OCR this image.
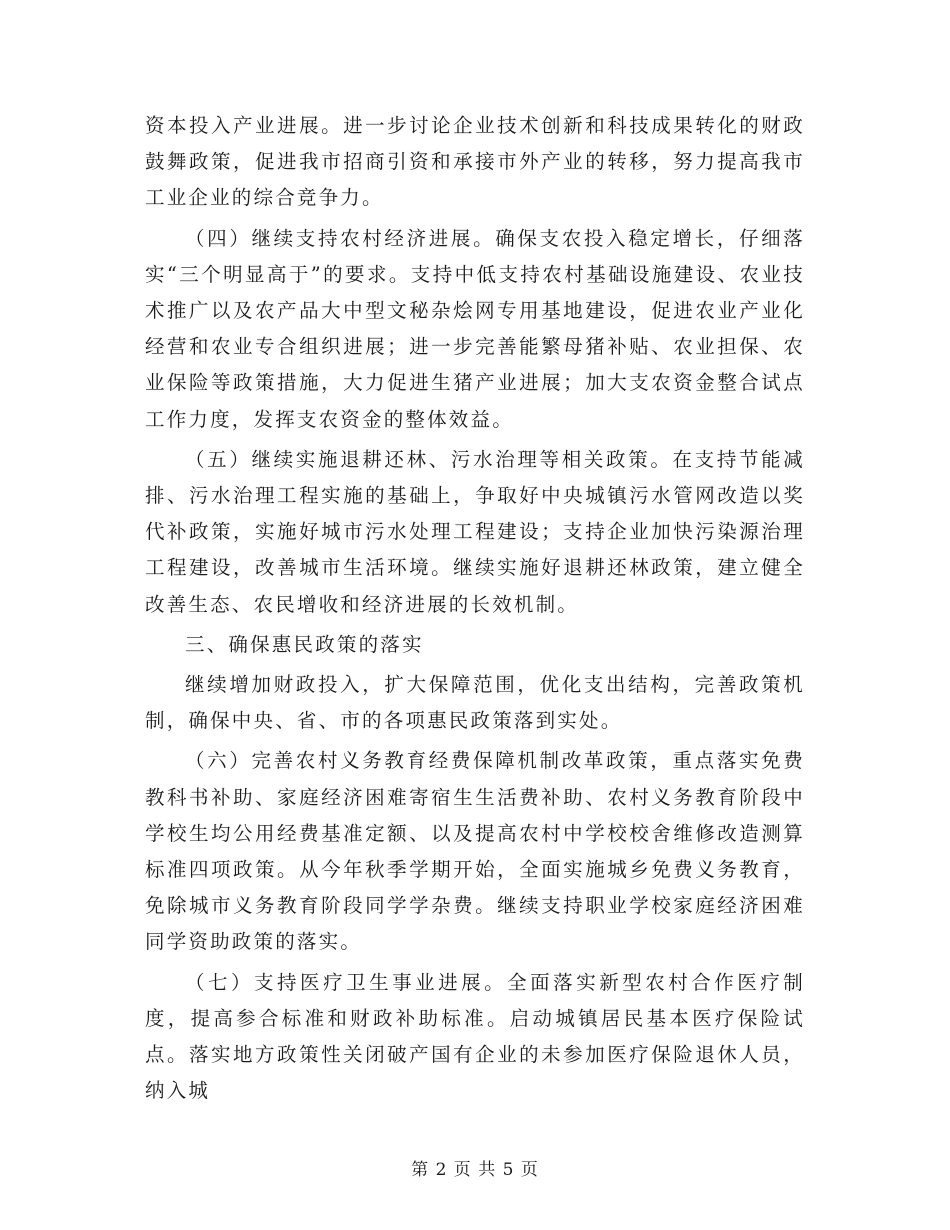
资本投入产业进展。进一步讨论企业技术创新和科技成果转化的财政鼓舞政策，促进我市招商引资和承接市外产业的转移，努力提高我市工业企业的综合竞争力。

（四）继续支持农村经济进展。确保支农投入稳定增长，仔细落实“三个明显高于”的要求。支持中低支持农村基础设施建设、农业技术推广以及农产品大中型文秘杂烩网专用基地建设，促进农业产业化经营和农业专合组织进展；进一步完善能繁母猪补贴、农业担保、农业保险等政策措施，大力促进生猪产业进展；加大支农资金整合试点工作力度，发挥支农资金的整体效益。

（五）继续实施退耕还林、污水治理等相关政策。在支持节能减排、污水治理工程实施的基础上，争取好中央城镇污水管网改造以奖代补政策，实施好城市污水处理工程建设；支持企业加快污染源治理工程建设，改善城市生活环境。继续实施好退耕还林政策，建立健全改善生态、农民增收和经济进展的长效机制。

三、确保惠民政策的落实

继续增加财政投入，扩大保障范围，优化支出结构，完善政策机制，确保中央、省、市的各项惠民政策落到实处。

（六）完善农村义务教育经费保障机制改革政策，重点落实免费教科书补助、家庭经济困难寄宿生生活费补助、农村义务教育阶段中学校生均公用经费基准定额、以及提高农村中学校校舍维修改造测算标准四项政策。从今年秋季学期开始，全面实施城乡免费义务教育，免除城市义务教育阶段同学学杂费。继续支持职业学校家庭经济困难同学资助政策的落实。

（七）支持医疗卫生事业进展。全面落实新型农村合作医疗制度，提高参合标准和财政补助标准。启动城镇居民基本医疗保险试点。落实地方政策性关闭破产国有企业的未参加医疗保险退休人员，纳入城

第 2 页 共 5 页
